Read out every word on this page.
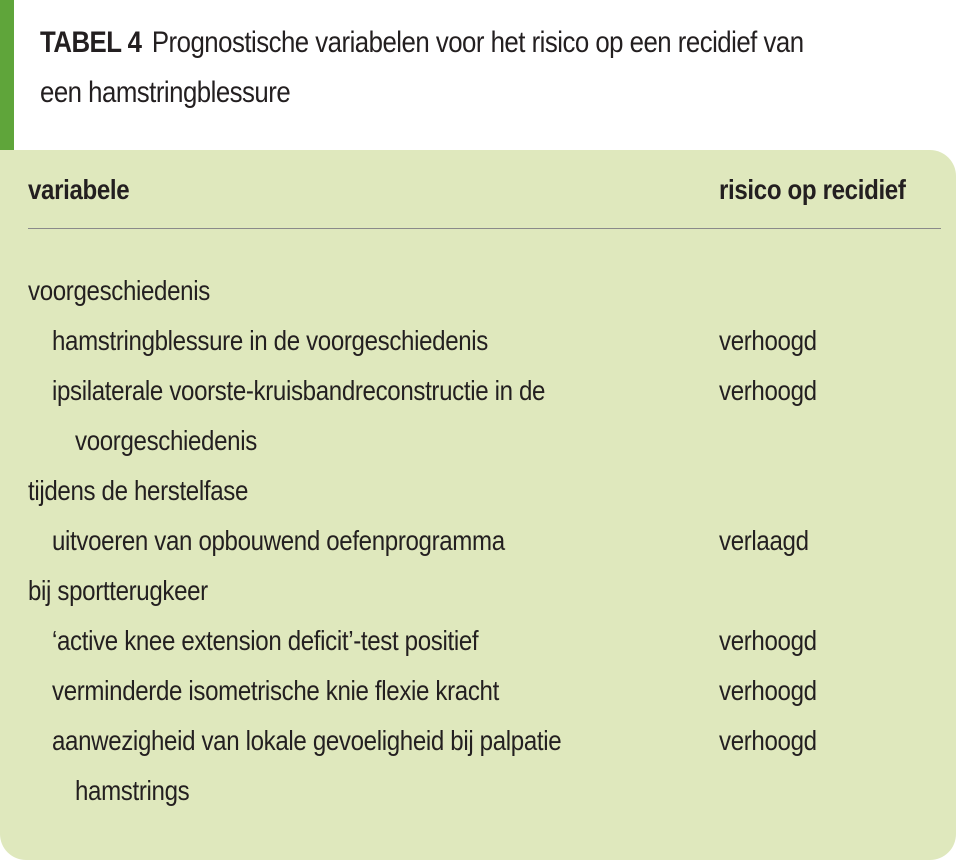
TABEL 4 Prognostische variabelen voor het risico op een recidief van
een hamstringblessure
variabele	risico op recidief
voorgeschiedenis
hamstringblessure in de voorgeschiedenis	verhoogd
ipsilaterale voorste-kruisbandreconstructie in de	verhoogd
voorgeschiedenis
tijdens de herstelfase
uitvoeren van opbouwend oefenprogramma	verlaagd
bij sportterugkeer
‘active knee extension deficit’-test positief	verhoogd
verminderde isometrische knie flexie kracht	verhoogd
aanwezigheid van lokale gevoeligheid bij palpatie	verhoogd
hamstrings
